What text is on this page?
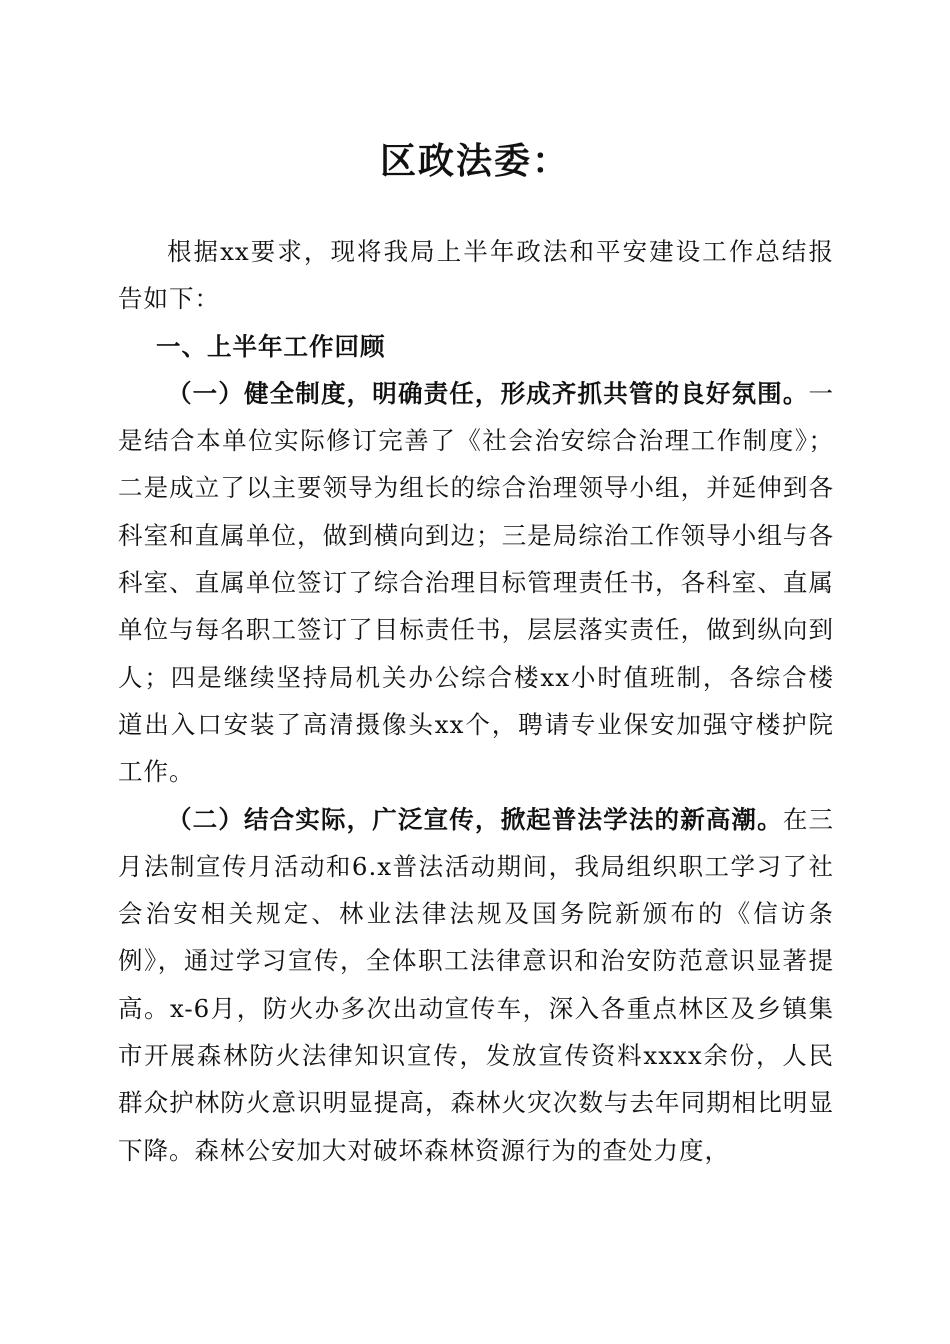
区政法委：

根据xx要求，现将我局上半年政法和平安建设工作总结报告如下：

一、上半年工作回顾

（一）健全制度，明确责任，形成齐抓共管的良好氛围。一是结合本单位实际修订完善了《社会治安综合治理工作制度》；二是成立了以主要领导为组长的综合治理领导小组，并延伸到各科室和直属单位，做到横向到边；三是局综治工作领导小组与各科室、直属单位签订了综合治理目标管理责任书，各科室、直属单位与每名职工签订了目标责任书，层层落实责任，做到纵向到人；四是继续坚持局机关办公综合楼xx小时值班制，各综合楼道出入口安装了高清摄像头xx个，聘请专业保安加强守楼护院工作。

（二）结合实际，广泛宣传，掀起普法学法的新高潮。在三月法制宣传月活动和6.x普法活动期间，我局组织职工学习了社会治安相关规定、林业法律法规及国务院新颁布的《信访条例》，通过学习宣传，全体职工法律意识和治安防范意识显著提高。x-6月，防火办多次出动宣传车，深入各重点林区及乡镇集市开展森林防火法律知识宣传，发放宣传资料xxxx余份，人民群众护林防火意识明显提高，森林火灾次数与去年同期相比明显下降。森林公安加大对破坏森林资源行为的查处力度，
